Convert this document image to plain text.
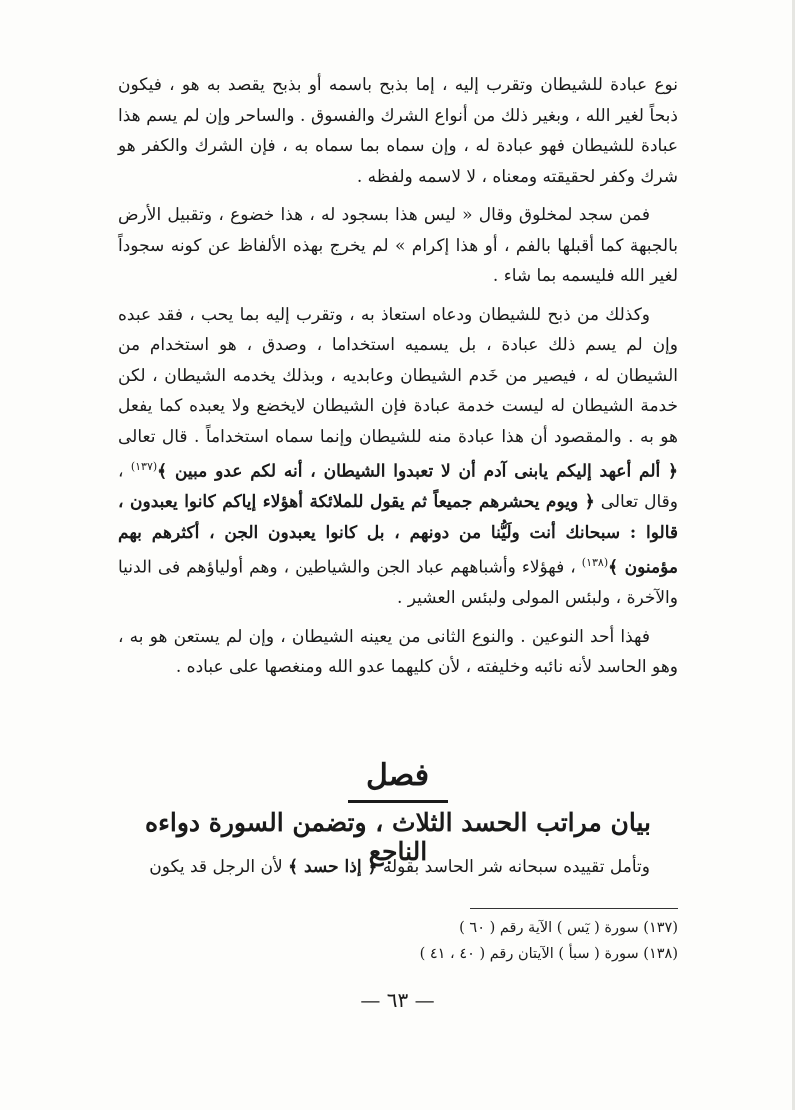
نوع عبادة للشيطان وتقرب إليه ، إما بذبح باسمه أو بذبح يقصد به هو ، فيكون ذبحاً لغير الله ، وبغير ذلك من أنواع الشرك والفسوق . والساحر وإن لم يسم هذا عبادة للشيطان فهو عبادة له ، وإن سماه بما سماه به ، فإن الشرك والكفر هو شرك وكفر لحقيقته ومعناه ، لا لاسمه ولفظه .

فمن سجد لمخلوق وقال « ليس هذا بسجود له ، هذا خضوع ، وتقبيل الأرض بالجبهة كما أقبلها بالفم ، أو هذا إكرام » لم يخرج بهذه الألفاظ عن كونه سجوداً لغير الله فليسمه بما شاء .

وكذلك من ذبح للشيطان ودعاه استعاذ به ، وتقرب إليه بما يحب ، فقد عبده وإن لم يسم ذلك عبادة ، بل يسميه استخداما ، وصدق ، هو استخدام من الشيطان له ، فيصير من خَدم الشيطان وعابديه ، وبذلك يخدمه الشيطان ، لكن خدمة الشيطان له ليست خدمة عبادة فإن الشيطان لايخضع ولا يعبده كما يفعل هو به . والمقصود أن هذا عبادة منه للشيطان وإنما سماه استخداماً . قال تعالى ﴿ ألم أعهد إليكم يابنى آدم أن لا تعبدوا الشيطان ، أنه لكم عدو مبين ﴾$^{(١٣٧)}$ ، وقال تعالى ﴿ ويوم يحشرهم جميعاً ثم يقول للملائكة أهؤلاء إياكم كانوا يعبدون ، قالوا : سبحانك أنت ولَيُّنا من دونهم ، بل كانوا يعبدون الجن ، أكثرهم بهم مؤمنون ﴾$^{(١٣٨)}$ ، فهؤلاء وأشباههم عباد الجن والشياطين ، وهم أولياؤهم فى الدنيا والآخرة ، ولبئس المولى ولبئس العشير .

فهذا أحد النوعين . والنوع الثانى من يعينه الشيطان ، وإن لم يستعن هو به ، وهو الحاسد لأنه نائبه وخليفته ، لأن كليهما عدو الله ومنغصها على عباده .

فصل
بيان مراتب الحسد الثلاث ، وتضمن السورة دواءه الناجع
وتأمل تقييده سبحانه شر الحاسد بقوله ﴿ إذا حسد ﴾ لأن الرجل قد يكون
(١٣٧) سورة ( يٓس ) الآية رقم ( ٦٠ )
(١٣٨) سورة ( سبأ ) الآيتان رقم ( ٤٠ ، ٤١ )
— ٦٣ —
